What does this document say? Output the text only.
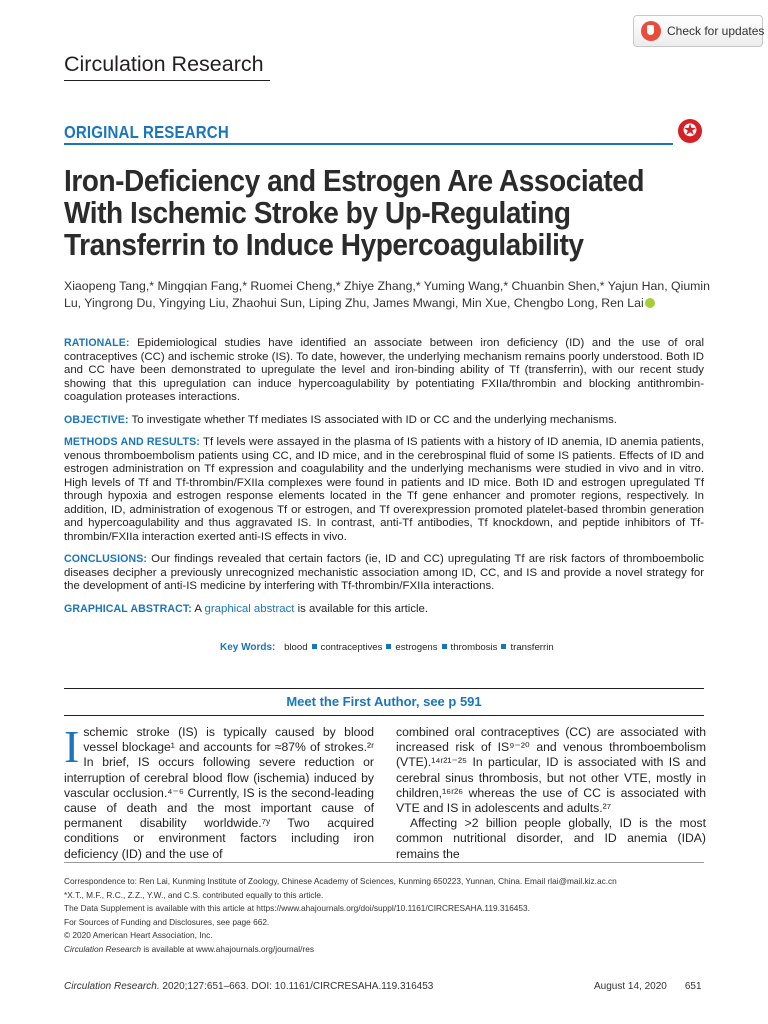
Check for updates
Circulation Research
ORIGINAL RESEARCH	✪
Iron-Deficiency and Estrogen Are Associated With Ischemic Stroke by Up-Regulating Transferrin to Induce Hypercoagulability
Xiaopeng Tang,* Mingqian Fang,* Ruomei Cheng,* Zhiye Zhang,* Yuming Wang,* Chuanbin Shen,* Yajun Han, Qiumin Lu, Yingrong Du, Yingying Liu, Zhaohui Sun, Liping Zhu, James Mwangi, Min Xue, Chengbo Long, Ren Lai

RATIONALE: Epidemiological studies have identified an associate between iron deficiency (ID) and the use of oral contraceptives (CC) and ischemic stroke (IS). To date, however, the underlying mechanism remains poorly understood. Both ID and CC have been demonstrated to upregulate the level and iron-binding ability of Tf (transferrin), with our recent study showing that this upregulation can induce hypercoagulability by potentiating FXIIa/thrombin and blocking antithrombin-coagulation proteases interactions.

OBJECTIVE: To investigate whether Tf mediates IS associated with ID or CC and the underlying mechanisms.

METHODS AND RESULTS: Tf levels were assayed in the plasma of IS patients with a history of ID anemia, ID anemia patients, venous thromboembolism patients using CC, and ID mice, and in the cerebrospinal fluid of some IS patients. Effects of ID and estrogen administration on Tf expression and coagulability and the underlying mechanisms were studied in vivo and in vitro. High levels of Tf and Tf-thrombin/FXIIa complexes were found in patients and ID mice. Both ID and estrogen upregulated Tf through hypoxia and estrogen response elements located in the Tf gene enhancer and promoter regions, respectively. In addition, ID, administration of exogenous Tf or estrogen, and Tf overexpression promoted platelet-based thrombin generation and hypercoagulability and thus aggravated IS. In contrast, anti-Tf antibodies, Tf knockdown, and peptide inhibitors of Tf-thrombin/FXIIa interaction exerted anti-IS effects in vivo.

CONCLUSIONS: Our findings revealed that certain factors (ie, ID and CC) upregulating Tf are risk factors of thromboembolic diseases decipher a previously unrecognized mechanistic association among ID, CC, and IS and provide a novel strategy for the development of anti-IS medicine by interfering with Tf-thrombin/FXIIa interactions.

GRAPHICAL ABSTRACT: A graphical abstract is available for this article.

Key Words: blood contraceptives estrogens thrombosis transferrin
Meet the First Author, see p 591
Ischemic stroke (IS) is typically caused by blood vessel blockage¹ and accounts for ≈87% of strokes.²ʳ In brief, IS occurs following severe reduction or interruption of cerebral blood flow (ischemia) induced by vascular occlusion.⁴⁻⁶ Currently, IS is the second-leading cause of death and the most important cause of permanent disability worldwide.⁷ʸ Two acquired conditions or environment factors including iron deficiency (ID) and the use of

combined oral contraceptives (CC) are associated with increased risk of IS⁹⁻²⁰ and venous thromboembolism (VTE).¹⁴ʳ²¹⁻²⁵ In particular, ID is associated with IS and cerebral sinus thrombosis, but not other VTE, mostly in children,¹⁶ʳ²⁶ whereas the use of CC is associated with VTE and IS in adolescents and adults.²⁷

Affecting >2 billion people globally, ID is the most common nutritional disorder, and ID anemia (IDA) remains the

Correspondence to: Ren Lai, Kunming Institute of Zoology, Chinese Academy of Sciences, Kunming 650223, Yunnan, China. Email rlai@mail.kiz.ac.cn

*X.T., M.F., R.C., Z.Z., Y.W., and C.S. contributed equally to this article.

The Data Supplement is available with this article at https://www.ahajournals.org/doi/suppl/10.1161/CIRCRESAHA.119.316453.

For Sources of Funding and Disclosures, see page 662.

© 2020 American Heart Association, Inc.

Circulation Research is available at www.ahajournals.org/journal/res

Circulation Research. 2020;127:651–663. DOI: 10.1161/CIRCRESAHA.119.316453	August 14, 2020 651
